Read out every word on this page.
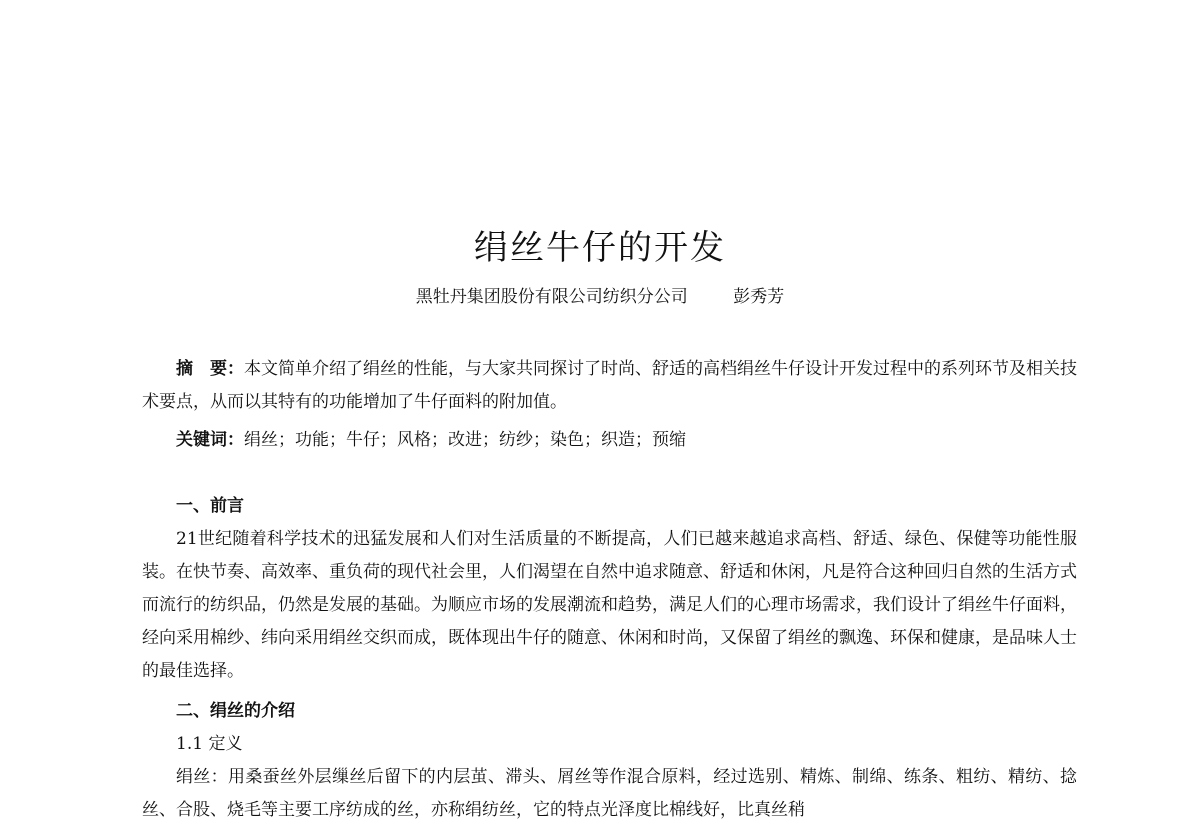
绢丝牛仔的开发
黑牡丹集团股份有限公司纺织分公司	彭秀芳

摘　要：本文简单介绍了绢丝的性能，与大家共同探讨了时尚、舒适的高档绢丝牛仔设计开发过程中的系列环节及相关技术要点，从而以其特有的功能增加了牛仔面料的附加值。

关键词：绢丝；功能；牛仔；风格；改进；纺纱；染色；织造；预缩

一、前言

21世纪随着科学技术的迅猛发展和人们对生活质量的不断提高，人们已越来越追求高档、舒适、绿色、保健等功能性服装。在快节奏、高效率、重负荷的现代社会里，人们渴望在自然中追求随意、舒适和休闲，凡是符合这种回归自然的生活方式而流行的纺织品，仍然是发展的基础。为顺应市场的发展潮流和趋势，满足人们的心理市场需求，我们设计了绢丝牛仔面料，经向采用棉纱、纬向采用绢丝交织而成，既体现出牛仔的随意、休闲和时尚，又保留了绢丝的飘逸、环保和健康，是品味人士的最佳选择。

二、绢丝的介绍

1.1 定义

绢丝：用桑蚕丝外层缫丝后留下的内层茧、滞头、屑丝等作混合原料，经过选别、精炼、制绵、练条、粗纺、精纺、捻丝、合股、烧毛等主要工序纺成的丝，亦称绢纺丝，它的特点光泽度比棉线好，比真丝稍
